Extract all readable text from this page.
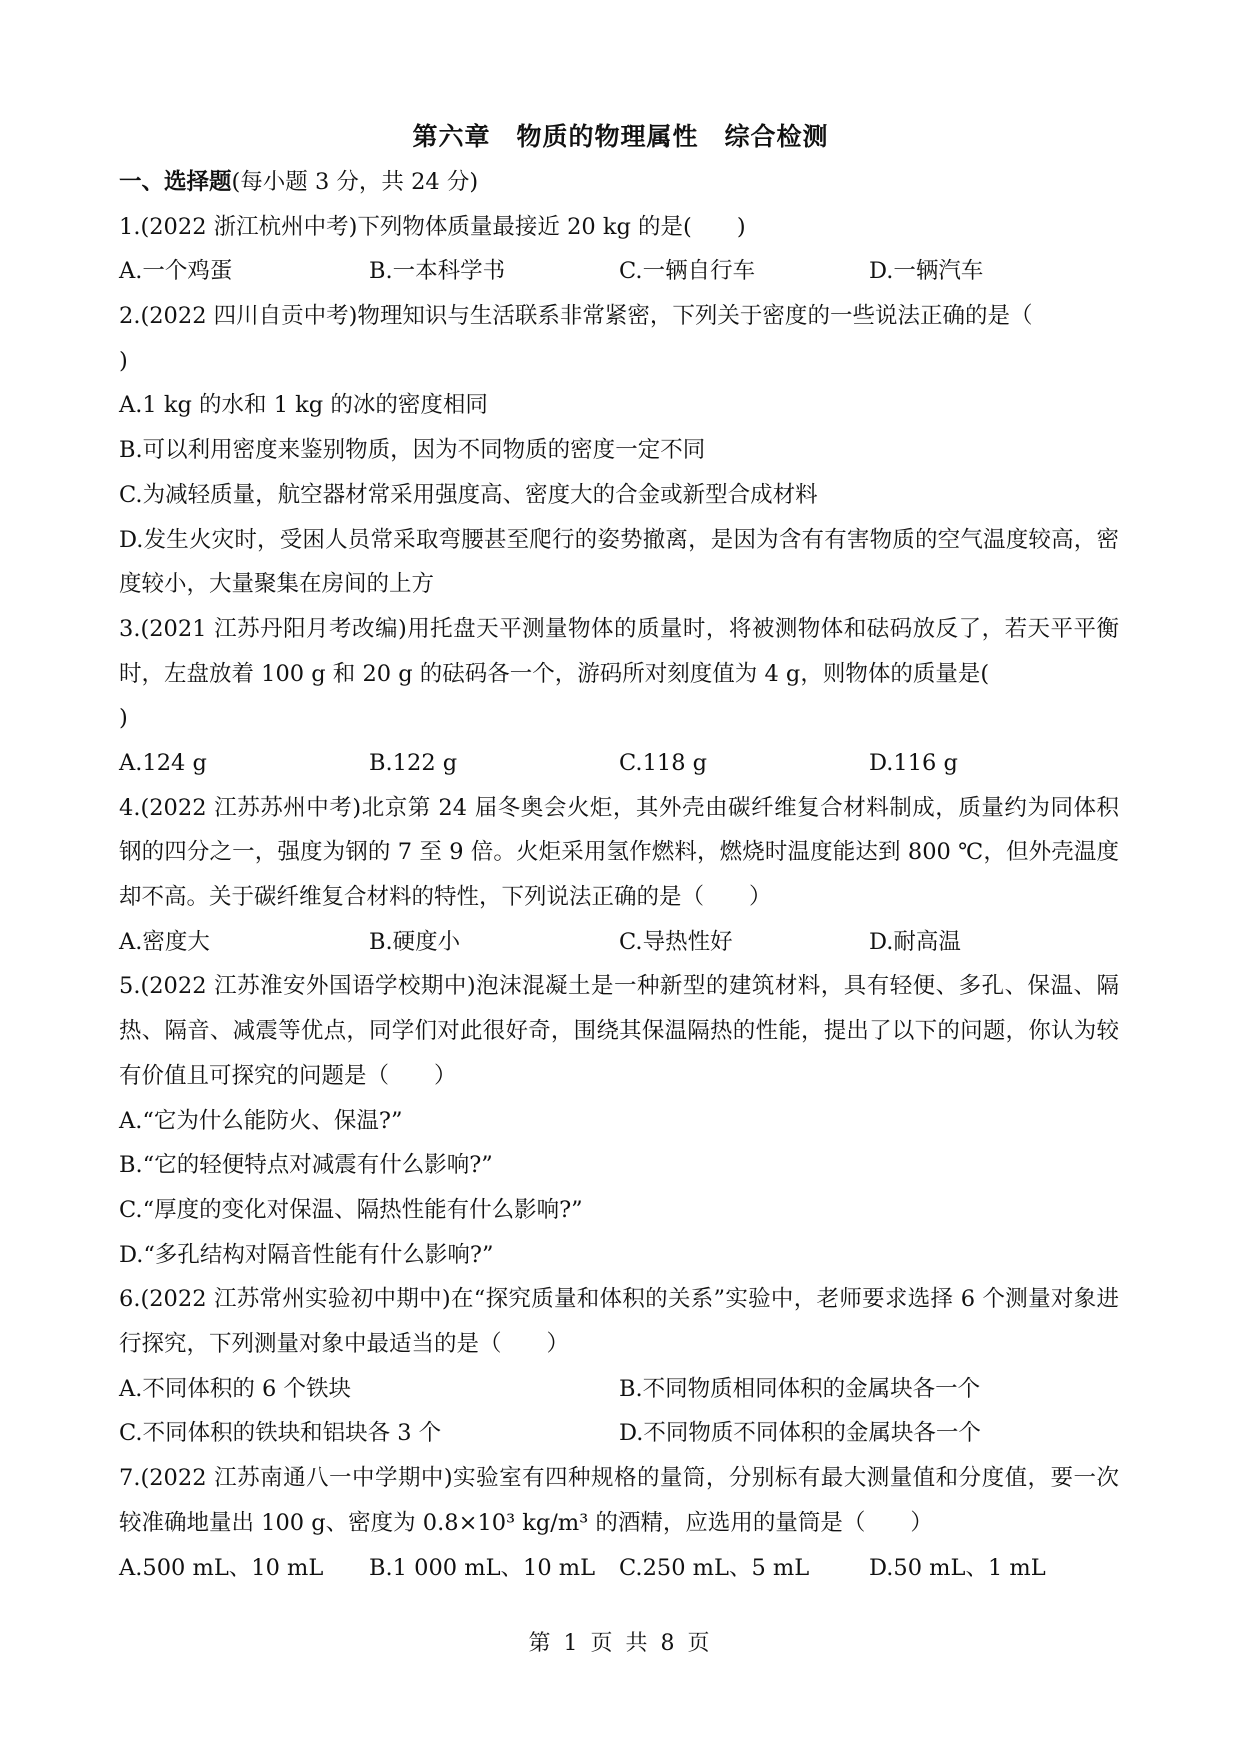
第六章　物质的物理属性　综合检测
一、选择题(每小题 3 分，共 24 分)
1.(2022 浙江杭州中考)下列物体质量最接近 20 kg 的是(　　)
A.一个鸡蛋	B.一本科学书	C.一辆自行车	D.一辆汽车
2.(2022 四川自贡中考)物理知识与生活联系非常紧密，下列关于密度的一些说法正确的是（
)
A.1 kg 的水和 1 kg 的冰的密度相同
B.可以利用密度来鉴别物质，因为不同物质的密度一定不同
C.为减轻质量，航空器材常采用强度高、密度大的合金或新型合成材料
D.发生火灾时，受困人员常采取弯腰甚至爬行的姿势撤离，是因为含有有害物质的空气温度较高，密度较小，大量聚集在房间的上方
3.(2021 江苏丹阳月考改编)用托盘天平测量物体的质量时，将被测物体和砝码放反了，若天平平衡时，左盘放着 100 g 和 20 g 的砝码各一个，游码所对刻度值为 4 g，则物体的质量是(
)
A.124 g	B.122 g	C.118 g	D.116 g
4.(2022 江苏苏州中考)北京第 24 届冬奥会火炬，其外壳由碳纤维复合材料制成，质量约为同体积钢的四分之一，强度为钢的 7 至 9 倍。火炬采用氢作燃料，燃烧时温度能达到 800 ℃，但外壳温度却不高。关于碳纤维复合材料的特性，下列说法正确的是（　　）
A.密度大	B.硬度小	C.导热性好	D.耐高温
5.(2022 江苏淮安外国语学校期中)泡沫混凝土是一种新型的建筑材料，具有轻便、多孔、保温、隔热、隔音、减震等优点，同学们对此很好奇，围绕其保温隔热的性能，提出了以下的问题，你认为较有价值且可探究的问题是（　　）
A.“它为什么能防火、保温?”
B.“它的轻便特点对减震有什么影响?”
C.“厚度的变化对保温、隔热性能有什么影响?”
D.“多孔结构对隔音性能有什么影响?”
6.(2022 江苏常州实验初中期中)在“探究质量和体积的关系”实验中，老师要求选择 6 个测量对象进行探究，下列测量对象中最适当的是（　　）
A.不同体积的 6 个铁块	B.不同物质相同体积的金属块各一个
C.不同体积的铁块和铝块各 3 个	D.不同物质不同体积的金属块各一个
7.(2022 江苏南通八一中学期中)实验室有四种规格的量筒，分别标有最大测量值和分度值，要一次较准确地量出 100 g、密度为 0.8×10³ kg/m³ 的酒精，应选用的量筒是（　　）
A.500 mL、10 mL	B.1 000 mL、10 mL	C.250 mL、5 mL	D.50 mL、1 mL
第 1 页 共 8 页
